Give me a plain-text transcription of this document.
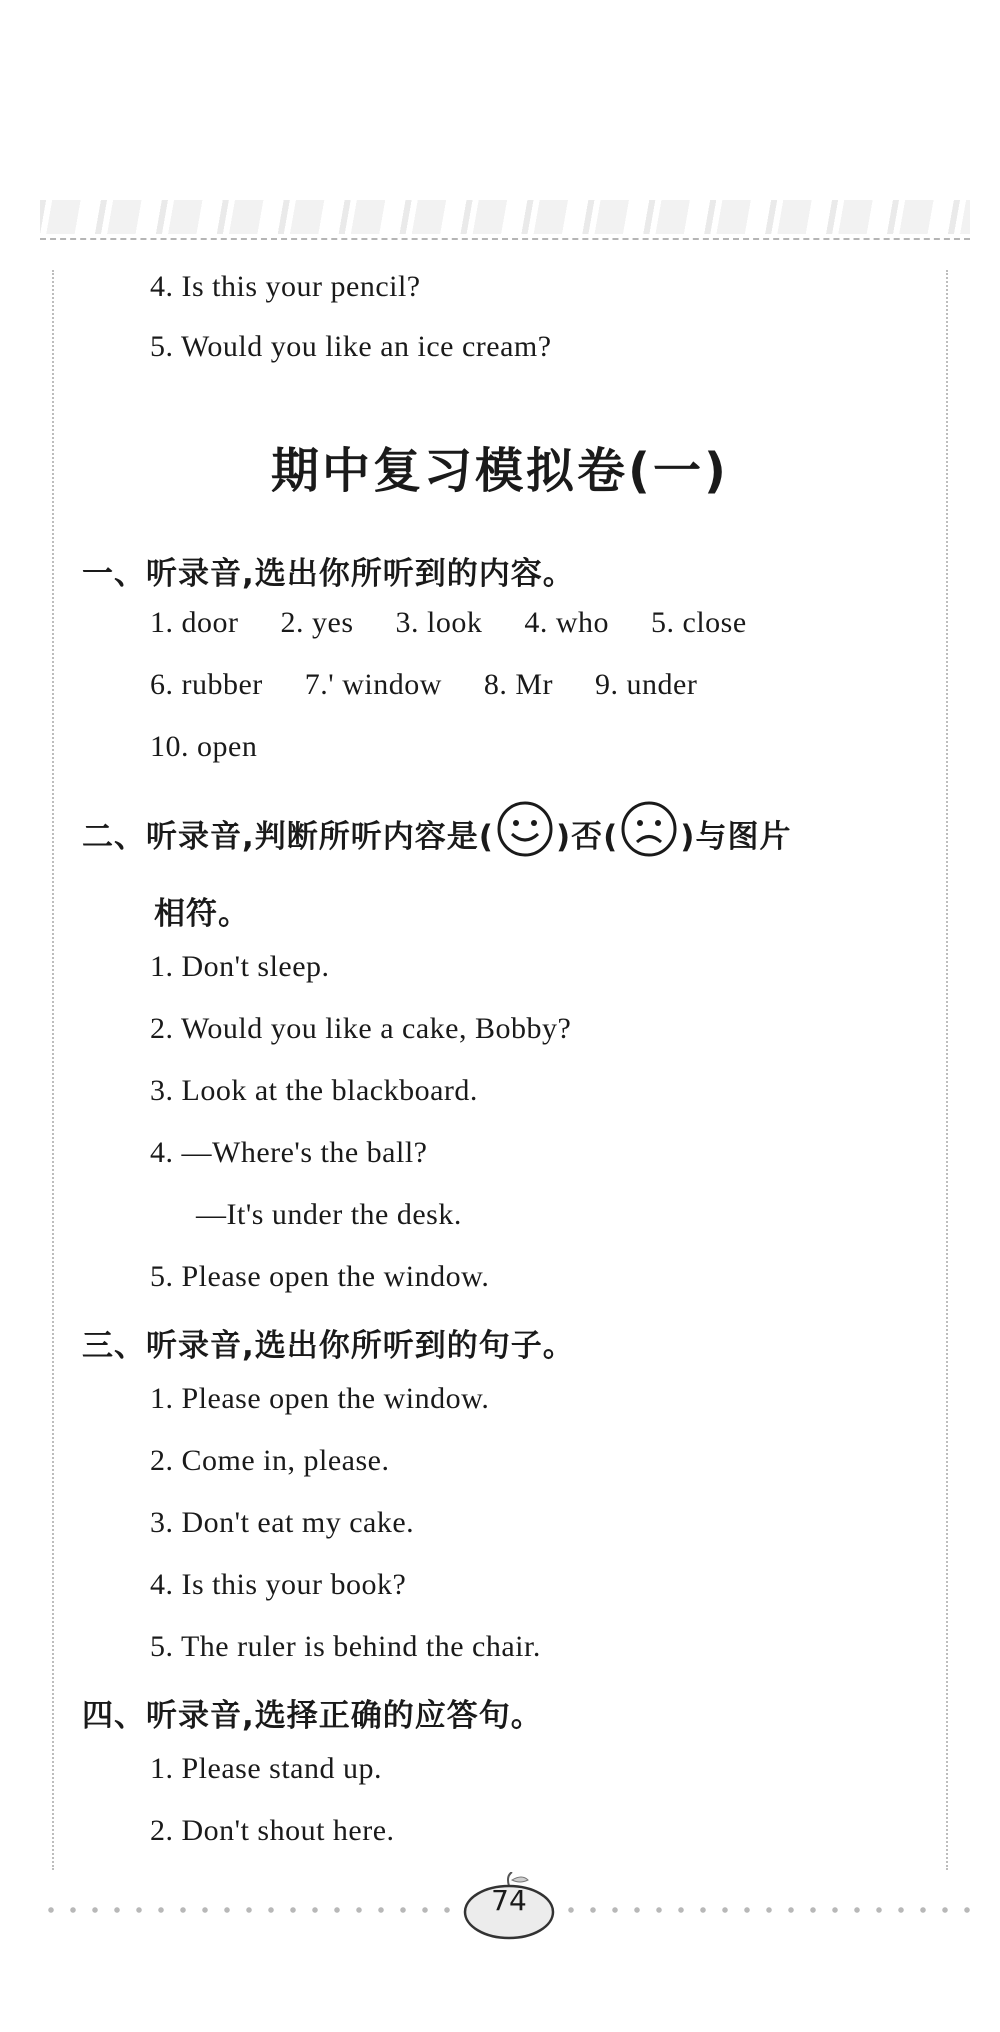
4. Is this your pencil?
5. Would you like an ice cream?
期中复习模拟卷(一)
一、听录音,选出你所听到的内容。
1. door 2. yes 3. look 4. who 5. close
6. rubber 7.' window 8. Mr 9. under
10. open
二、听录音,判断所听内容是( )否( )与图片
相符。
1. Don't sleep.
2. Would you like a cake, Bobby?
3. Look at the blackboard.
4. —Where's the ball?
—It's under the desk.
5. Please open the window.
三、听录音,选出你所听到的句子。
1. Please open the window.
2. Come in, please.
3. Don't eat my cake.
4. Is this your book?
5. The ruler is behind the chair.
四、听录音,选择正确的应答句。
1. Please stand up.
2. Don't shout here.
74
